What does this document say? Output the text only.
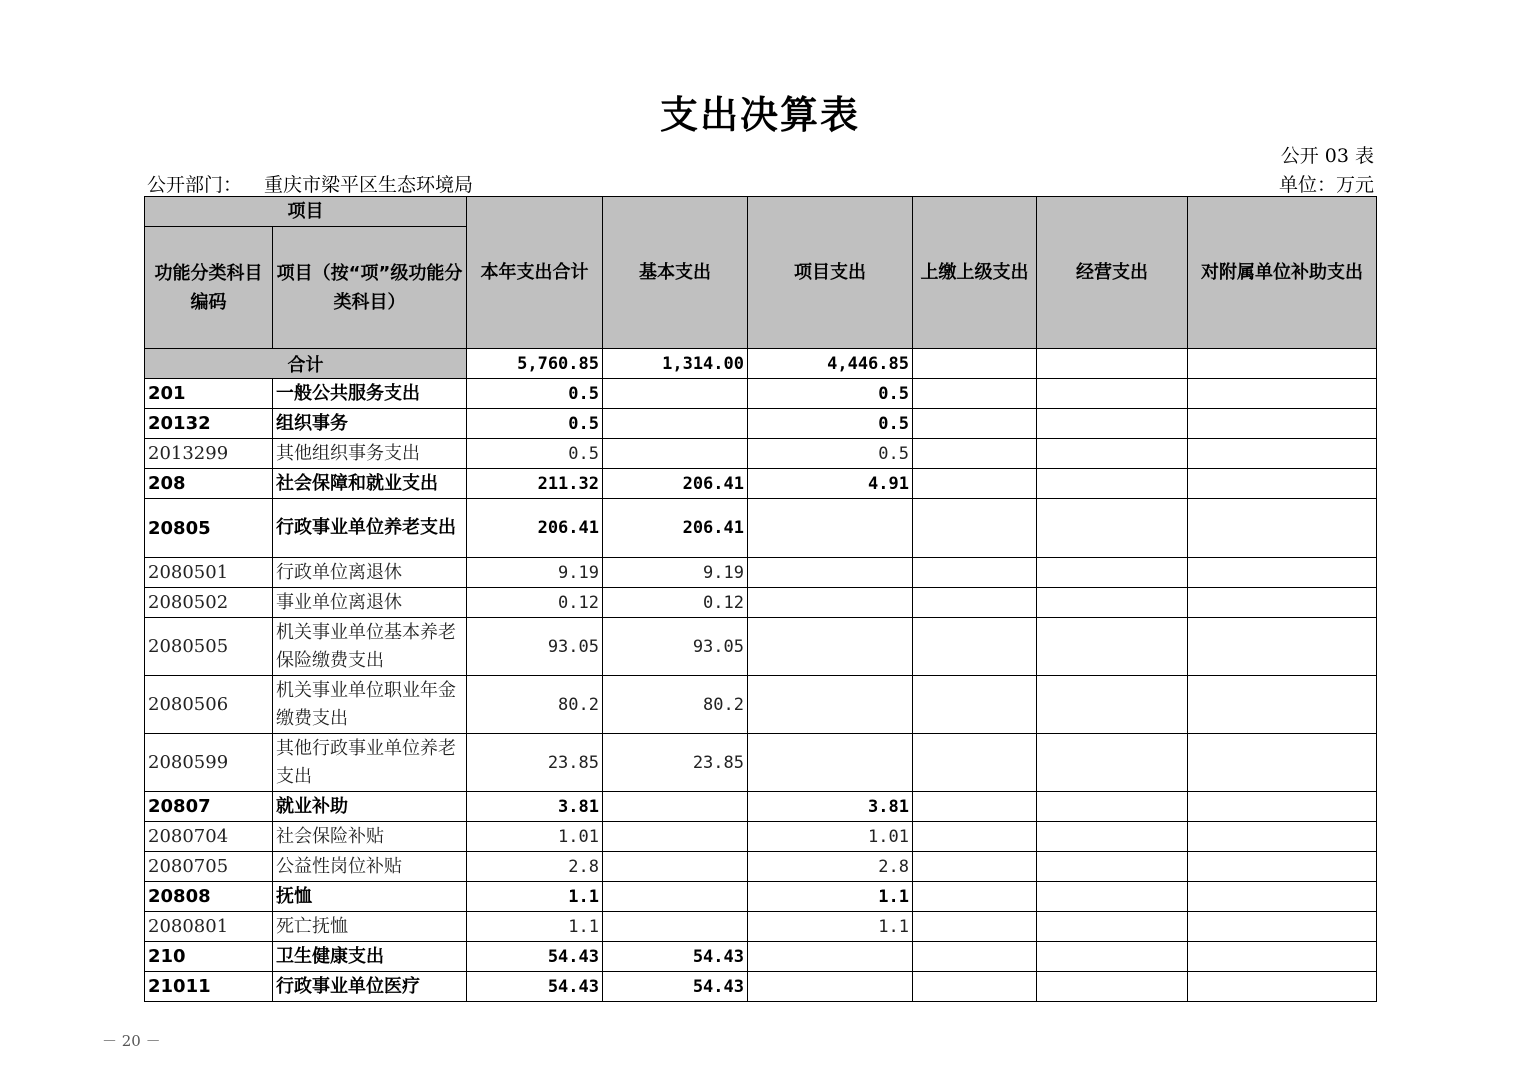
支出决算表
公开 03 表
公开部门： 重庆市梁平区生态环境局	单位：万元
项目		本年支出合计	基本支出	项目支出	上缴上级支出	经营支出	对附属单位补助支出
功能分类科目编码	项目（按“项”级功能分类科目）						
合计		5,760.85	1,314.00	4,446.85			
201	一般公共服务支出	0.5		0.5			
20132	组织事务	0.5		0.5			
2013299	其他组织事务支出	0.5		0.5			
208	社会保障和就业支出	211.32	206.41	4.91			
20805	行政事业单位养老支出	206.41	206.41				
2080501	行政单位离退休	9.19	9.19				
2080502	事业单位离退休	0.12	0.12				
2080505	机关事业单位基本养老保险缴费支出	93.05	93.05				
2080506	机关事业单位职业年金缴费支出	80.2	80.2				
2080599	其他行政事业单位养老支出	23.85	23.85				
20807	就业补助	3.81		3.81			
2080704	社会保险补贴	1.01		1.01			
2080705	公益性岗位补贴	2.8		2.8			
20808	抚恤	1.1		1.1			
2080801	死亡抚恤	1.1		1.1			
210	卫生健康支出	54.43	54.43				
21011	行政事业单位医疗	54.43	54.43				
－ 20 －
